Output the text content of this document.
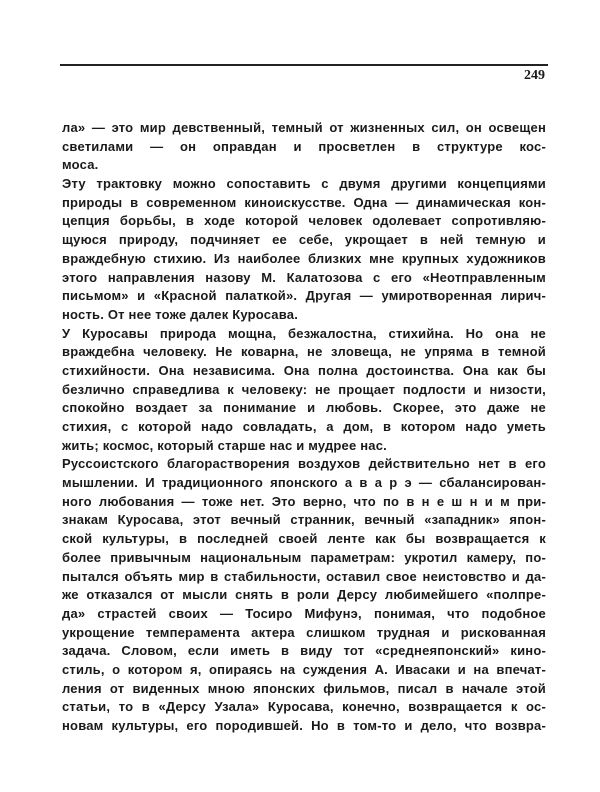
249
ла» — это мир девственный, темный от жизненных сил, он освещен
светилами — он оправдан и просветлен в структуре кос-
моса.
Эту трактовку можно сопоставить с двумя другими концепциями
природы в современном киноискусстве. Одна — динамическая кон-
цепция борьбы, в ходе которой человек одолевает сопротивляю-
щуюся природу, подчиняет ее себе, укрощает в ней темную и
враждебную стихию. Из наиболее близких мне крупных художников
этого направления назову М. Калатозова с его «Неотправленным
письмом» и «Красной палаткой». Другая — умиротворенная лирич-
ность. От нее тоже далек Куросава.
У Куросавы природа мощна, безжалостна, стихийна. Но она не
враждебна человеку. Не коварна, не зловеща, не упряма в темной
стихийности. Она независима. Она полна достоинства. Она как бы
безлично справедлива к человеку: не прощает подлости и низости,
спокойно воздает за понимание и любовь. Скорее, это даже не
стихия, с которой надо совладать, а дом, в котором надо уметь
жить; космос, который старше нас и мудрее нас.
Руссоистского благорастворения воздухов действительно нет в его
мышлении. И традиционного японского а в а р э — сбалансирован-
ного любования — тоже нет. Это верно, что по в н е ш н и м при-
знакам Куросава, этот вечный странник, вечный «западник» япон-
ской культуры, в последней своей ленте как бы возвращается к
более привычным национальным параметрам: укротил камеру, по-
пытался объять мир в стабильности, оставил свое неистовство и да-
же отказался от мысли снять в роли Дерсу любимейшего «полпре-
да» страстей своих — Тосиро Мифунэ, понимая, что подобное
укрощение темперамента актера слишком трудная и рискованная
задача. Словом, если иметь в виду тот «среднеяпонский» кино-
стиль, о котором я, опираясь на суждения А. Ивасаки и на впечат-
ления от виденных мною японских фильмов, писал в начале этой
статьи, то в «Дерсу Узала» Куросава, конечно, возвращается к ос-
новам культуры, его породившей. Но в том-то и дело, что возвра-
